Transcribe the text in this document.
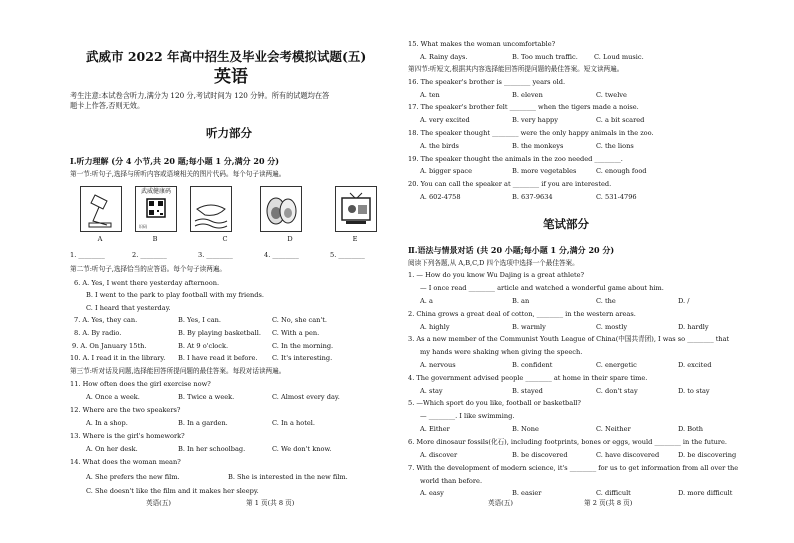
武威市 2022 年高中招生及毕业会考模拟试题(五)
英语
考生注意:本试卷含听力,满分为 120 分,考试时间为 120 分钟。所有的试题均在答
题卡上作答,否则无效。
听力部分
Ⅰ.听力理解 (分 4 小节,共 20 题;每小题 1 分,满分 20 分)
第一节:听句子,选择与所听内容或语境相关的图片代码。每个句子读两遍。
武威健康码
识码
A	B	C	D	E
1. ________	2. ________	3. ________	4. ________	5. ________
第二节:听句子,选择恰当的应答语。每个句子读两遍。
6. A. Yes, I went there yesterday afternoon.
B. I went to the park to play football with my friends.
C. I heard that yesterday.
7. A. Yes, they can.	B. Yes, I can.	C. No, she can't.
8. A. By radio.	B. By playing basketball. C. With a pen.
9. A. On January 15th.	B. At 9 o'clock.	C. In the morning.
10. A. I read it in the library. B. I have read it before. C. It's interesting.
第三节:听对话及问题,选择能回答所提问题的最佳答案。每段对话读两遍。
11. How often does the girl exercise now?
A. Once a week.	B. Twice a week.	C. Almost every day.
12. Where are the two speakers?
A. In a shop.	B. In a garden.	C. In a hotel.
13. Where is the girl's homework?
A. On her desk.	B. In her schoolbag.	C. We don't know.
14. What does the woman mean?
A. She prefers the new film.	B. She is interested in the new film.
C. She doesn't like the film and it makes her sleepy.
英语(五)	第 1 页(共 8 页)
15. What makes the woman uncomfortable?
A. Rainy days.	B. Too much traffic. C. Loud music.
第四节:听短文,根据其内容选择能回答所提问题的最佳答案。短文读两遍。
16. The speaker's brother is ________ years old.
A. ten	B. eleven	C. twelve
17. The speaker's brother felt ________ when the tigers made a noise.
A. very excited	B. very happy	C. a bit scared
18. The speaker thought ________ were the only happy animals in the zoo.
A. the birds	B. the monkeys	C. the lions
19. The speaker thought the animals in the zoo needed ________.
A. bigger space	B. more vegetables	C. enough food
20. You can call the speaker at ________ if you are interested.
A. 602-4758	B. 637-9634	C. 531-4796
笔试部分
Ⅱ.语法与情景对话 (共 20 小题;每小题 1 分,满分 20 分)
阅读下列各题,从 A,B,C,D 四个选项中选择一个最佳答案。
1. — How do you know Wu Dajing is a great athlete?
— I once read ________ article and watched a wonderful game about him.
A. a	B. an	C. the	D. /
2. China grows a great deal of cotton, ________ in the western areas.
A. highly	B. warmly	C. mostly	D. hardly
3. As a new member of the Communist Youth League of China(中国共青团), I was so ________ that
my hands were shaking when giving the speech.
A. nervous	B. confident	C. energetic	D. excited
4. The government advised people ________ at home in their spare time.
A. stay	B. stayed	C. don't stay	D. to stay
5. —Which sport do you like, football or basketball?
— ________. I like swimming.
A. Either	B. None	C. Neither	D. Both
6. More dinosaur fossils(化石), including footprints, bones or eggs, would ________ in the future.
A. discover	B. be discovered	C. have discovered	D. be discovering
7. With the development of modern science, it's ________ for us to get information from all over the
world than before.
A. easy	B. easier	C. difficult	D. more difficult
英语(五)	第 2 页(共 8 页)
